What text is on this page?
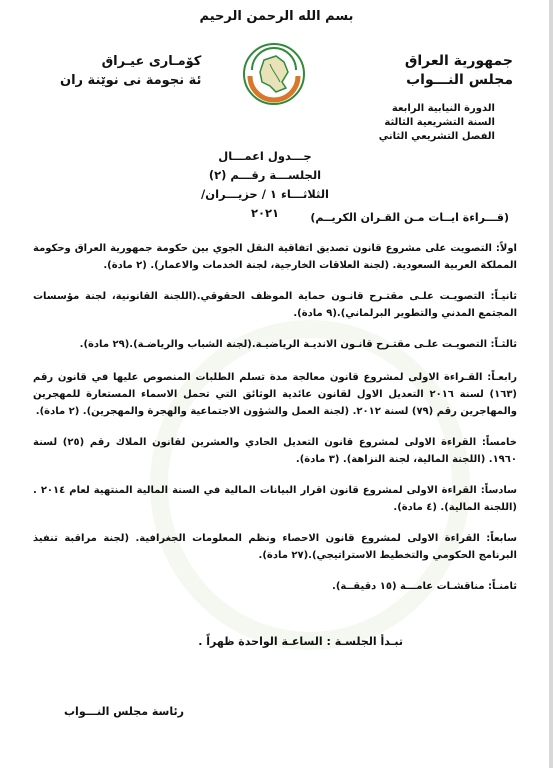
بسم الله الرحمن الرحيم
جمهورية العراق
مجلس النـــواب
كۆمـارى عيـراق
ئة نجومة نى نوێنة ران
الدورة النيابية الرابعة
السنة التشريعية الثالثة
الفصل التشريعي الثاني
جـــدول اعمـــال
الجلســـة رقـــم (٢)
الثلاثـــاء ١ / حزيـــران/٢٠٢١	(قـــراءة ايــات مـن القـران الكريــم)

اولاً: التصويت على مشروع قانون تصديق اتفاقية النقل الجوي بين حكومة جمهورية العراق وحكومة المملكة العربية السعودية. (لجنة العلاقات الخارجية، لجنة الخدمات والاعمار). (٢ مادة).

ثانيـاً: التصويـت علـى مقتـرح قانـون حماية الموظف الحقوقي.(اللجنة القانونية، لجنة مؤسسات المجتمع المدني والتطوير البرلماني).(٩ مادة).

ثالثـاً: التصويـت علـى مقتـرح قانـون الانديـة الرياضيـة.(لجنة الشباب والرياضـة).(٢٩ مادة).

رابعـاً: القـراءة الاولى لمشروع قانون معالجة مدة تسلم الطلبات المنصوص عليها في قانون رقم (١٦٣) لسنة ٢٠١٦ التعديل الاول لقانون عائدية الوثائق التي تحمل الاسماء المستعارة للمهجرين والمهاجرين رقم (٧٩) لسنة ٢٠١٢. (لجنة العمل والشؤون الاجتماعية والهجرة والمهجرين). (٢ مادة).

خامساً: القراءة الاولى لمشروع قانون التعديل الحادي والعشرين لقانون الملاك رقم (٢٥) لسنة ١٩٦٠. (اللجنة المالية، لجنة النزاهة). (٣ مادة).

سادساً: القراءة الاولى لمشروع قانون اقرار البيانات المالية في السنة المالية المنتهية لعام ٢٠١٤ . (اللجنة المالية). (٤ مادة).

سابعاً: القراءة الاولى لمشروع قانون الاحصاء ونظم المعلومات الجغرافية. (لجنة مراقبة تنفيذ البرنامج الحكومي والتخطيط الاستراتيجي).(٢٧ مادة).

ثامنـاً: مناقشـات عامـــة (١٥ دقيقــة).

تبـدأ الجلسـة : الساعـة الواحدة ظهراً .
رئاسة مجلس النـــواب
